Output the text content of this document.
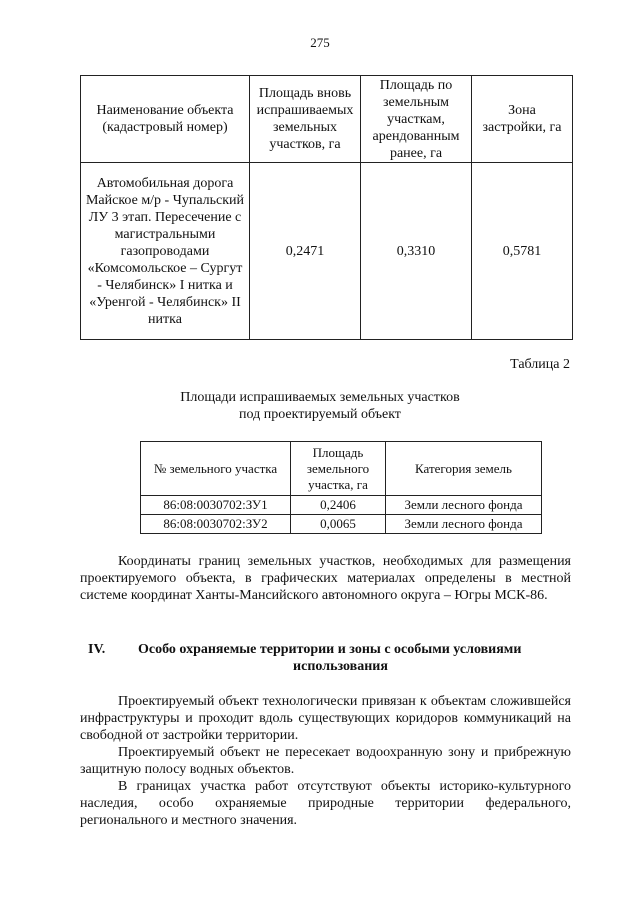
275
Наименование объекта (кадастровый номер)	Площадь вновь испрашиваемых земельных участков, га	Площадь по земельным участкам, арендованным ранее, га	Зона застройки, га
Автомобильная дорога Майское м/р - Чупальский ЛУ 3 этап. Пересечение с магистральными газопроводами «Комсомольское – Сургут - Челябинск» I нитка и «Уренгой - Челябинск» II нитка	0,2471	0,3310	0,5781
Таблица 2
Площади испрашиваемых земельных участков
под проектируемый объект
№ земельного участка	Площадь земельного участка, га	Категория земель
86:08:0030702:ЗУ1	0,2406	Земли лесного фонда
86:08:0030702:ЗУ2	0,0065	Земли лесного фонда

Координаты границ земельных участков, необходимых для размещения проектируемого объекта, в графических материалах определены в местной системе координат Ханты-Мансийского автономного округа – Югры МСК-86.

IV.	Особо охраняемые территории и зоны с особыми условиями
использования

Проектируемый объект технологически привязан к объектам сложившейся инфраструктуры и проходит вдоль существующих коридоров коммуникаций на свободной от застройки территории.

Проектируемый объект не пересекает водоохранную зону и прибрежную защитную полосу водных объектов.

В границах участка работ отсутствуют объекты историко-культурного наследия, особо охраняемые природные территории федерального, регионального и местного значения.
